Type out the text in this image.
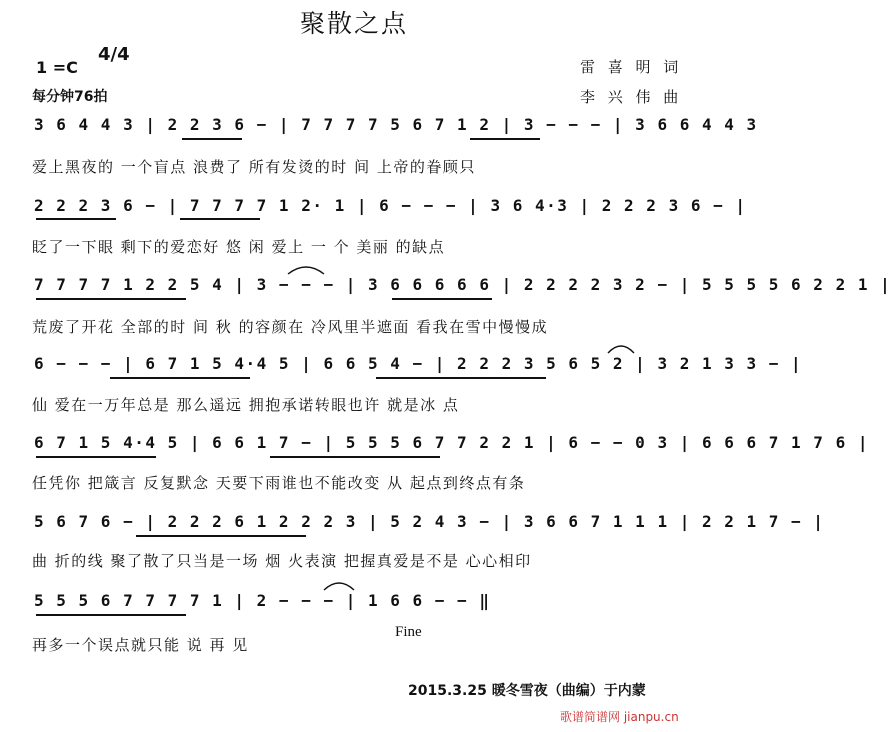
聚散之点
1 =C
4/4
每分钟76拍
雷 喜 明 词
李 兴 伟 曲
3 6 4 4 3 | 2 2 3 6 − | 7 7 7 7 5 6 7 1 2 | 3 − − − | 3 6 6 4 4 3
爱上黑夜的 一个盲点 浪费了 所有发烫的时 间 上帝的眷顾只
2 2 2 3 6 − | 7 7 7 7 1 2· 1 | 6 − − − | 3 6 4·3 | 2 2 2 3 6 − |
眨了一下眼 剩下的爱恋好 悠 闲 爱上 一 个 美丽 的缺点
7 7 7 7 1 2 2 5 4 | 3 − − − | 3 6 6 6 6 6 | 2 2 2 2 3 2 − | 5 5 5 5 6 2 2 1 |
荒废了开花 全部的时 间 秋 的容颜在 冷风里半遮面 看我在雪中慢慢成
6 − − − | 6 7 1 5 4·4 5 | 6 6 5 4 − | 2 2 2 3 5 6 5 2 | 3 2 1 3 3 − |
仙 爱在一万年总是 那么遥远 拥抱承诺转眼也许 就是冰 点
6 7 1 5 4·4 5 | 6 6 1 7 − | 5 5 5 6 7 7 2 2 1 | 6 − − 0 3 | 6 6 6 7 1 7 6 |
任凭你 把箴言 反复默念 天要下雨谁也不能改变 从 起点到终点有条
5 6 7 6 − | 2 2 2 6 1 2 2 2 3 | 5 2 4 3 − | 3 6 6 7 1 1 1 | 2 2 1 7 − |
曲 折的线 聚了散了只当是一场 烟 火表演 把握真爱是不是 心心相印
5 5 5 6 7 7 7 7 1 | 2 − − − | 1 6 6 − − ‖
再多一个误点就只能 说 再 见
Fine
2015.3.25 暖冬雪夜（曲编）于内蒙
歌谱简谱网 jianpu.cn
